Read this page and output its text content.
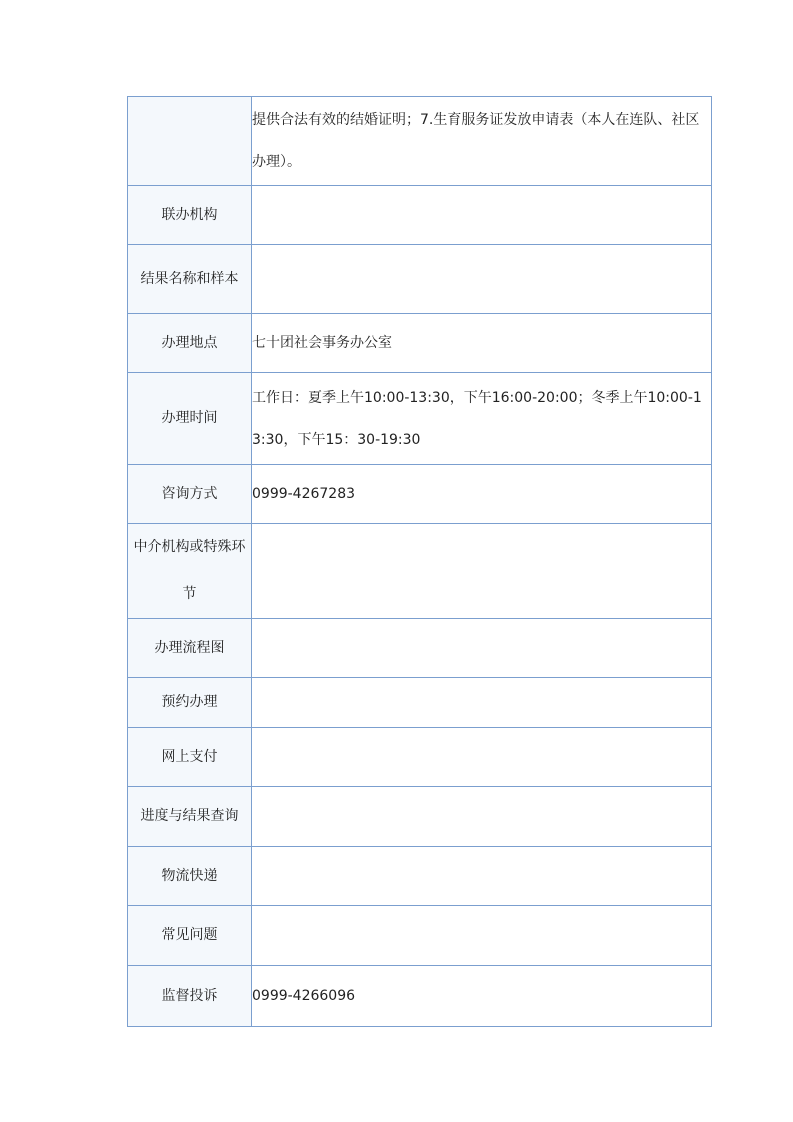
	提供合法有效的结婚证明；7.生育服务证发放申请表（本人在连队、社区办理）。
联办机构	
结果名称和样本	
办理地点	七十团社会事务办公室
办理时间	工作日：夏季上午10:00-13:30，下午16:00-20:00；冬季上午10:00-13:30，下午15：30-19:30
咨询方式	0999-4267283
中介机构或特殊环节	
办理流程图	
预约办理	
网上支付	
进度与结果查询	
物流快递	
常见问题	
监督投诉	0999-4266096
